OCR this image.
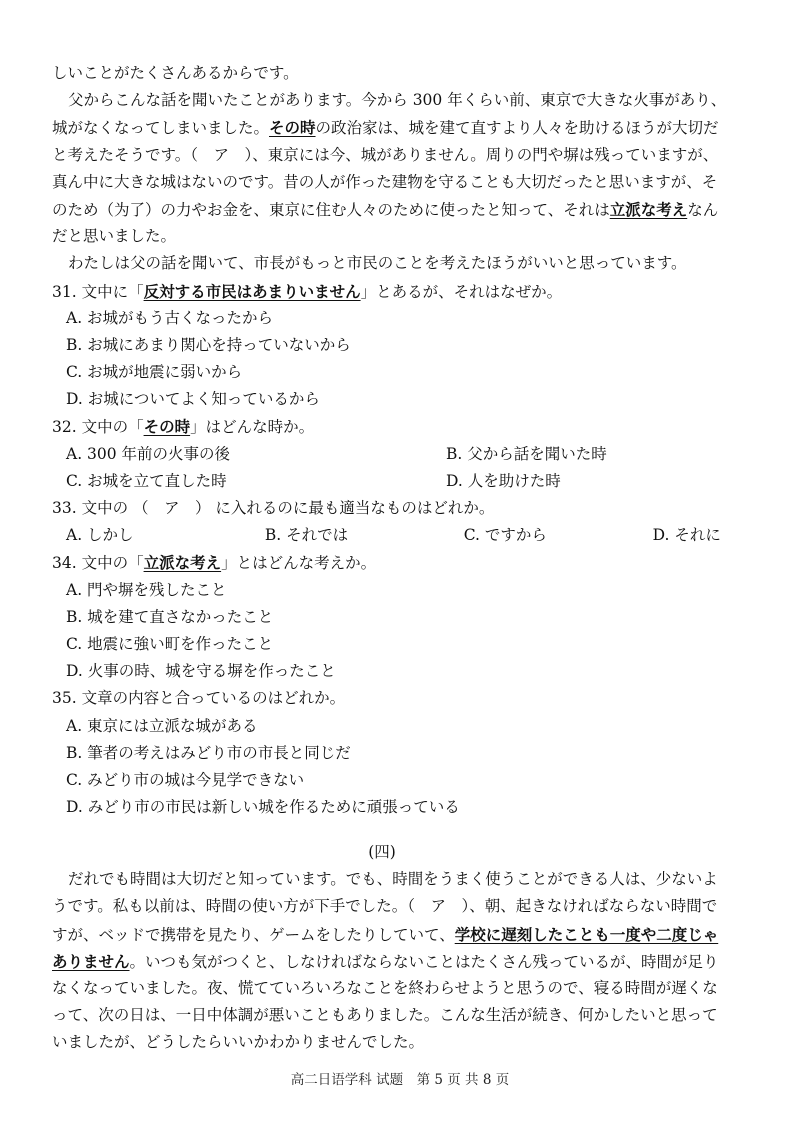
しいことがたくさんあるからです。
父からこんな話を聞いたことがあります。今から 300 年くらい前、東京で大きな火事があり、
城がなくなってしまいました。その時の政治家は、城を建て直すより人々を助けるほうが大切だ
と考えたそうです。（　ア　）、東京には今、城がありません。周りの門や塀は残っていますが、
真ん中に大きな城はないのです。昔の人が作った建物を守ることも大切だったと思いますが、そ
のため（为了）の力やお金を、東京に住む人々のために使ったと知って、それは立派な考えなん
だと思いました。
わたしは父の話を聞いて、市長がもっと市民のことを考えたほうがいいと思っています。
31. 文中に「反対する市民はあまりいません」とあるが、それはなぜか。
A. お城がもう古くなったから
B. お城にあまり関心を持っていないから
C. お城が地震に弱いから
D. お城についてよく知っているから
32. 文中の「その時」はどんな時か。
A. 300 年前の火事の後	B. 父から話を聞いた時
C. お城を立て直した時	D. 人を助けた時
33. 文中の （　ア　） に入れるのに最も適当なものはどれか。
A. しかし	B. それでは	C. ですから	D. それに
34. 文中の「立派な考え」とはどんな考えか。
A. 門や塀を残したこと
B. 城を建て直さなかったこと
C. 地震に強い町を作ったこと
D. 火事の時、城を守る塀を作ったこと
35. 文章の内容と合っているのはどれか。
A. 東京には立派な城がある
B. 筆者の考えはみどり市の市長と同じだ
C. みどり市の城は今見学できない
D. みどり市の市民は新しい城を作るために頑張っている
(四)
だれでも時間は大切だと知っています。でも、時間をうまく使うことができる人は、少ないよ
うです。私も以前は、時間の使い方が下手でした。（　ア　）、朝、起きなければならない時間で
すが、ベッドで携帯を見たり、ゲームをしたりしていて、学校に遅刻したことも一度や二度じゃ
ありません。いつも気がつくと、しなければならないことはたくさん残っているが、時間が足り
なくなっていました。夜、慌てていろいろなことを終わらせようと思うので、寝る時間が遅くな
って、次の日は、一日中体調が悪いこともありました。こんな生活が続き、何かしたいと思って
いましたが、どうしたらいいかわかりませんでした。
高二日语学科 试题　第 5 页 共 8 页
